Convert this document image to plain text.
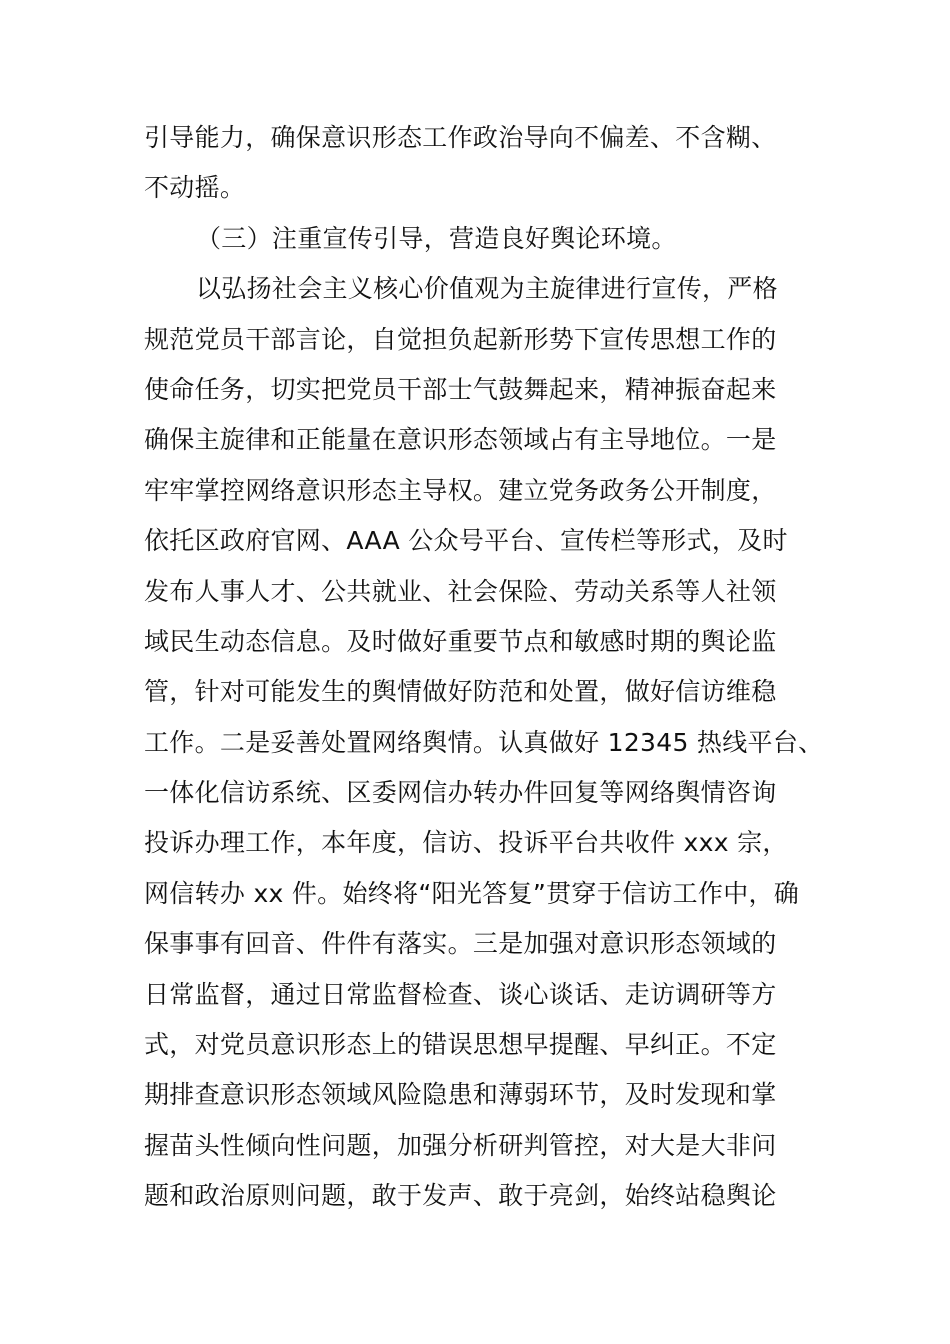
引导能力，确保意识形态工作政治导向不偏差、不含糊、
不动摇。
（三）注重宣传引导，营造良好舆论环境。
以弘扬社会主义核心价值观为主旋律进行宣传，严格
规范党员干部言论，自觉担负起新形势下宣传思想工作的
使命任务，切实把党员干部士气鼓舞起来，精神振奋起来
确保主旋律和正能量在意识形态领域占有主导地位。一是
牢牢掌控网络意识形态主导权。建立党务政务公开制度，
依托区政府官网、AAA 公众号平台、宣传栏等形式，及时
发布人事人才、公共就业、社会保险、劳动关系等人社领
域民生动态信息。及时做好重要节点和敏感时期的舆论监
管，针对可能发生的舆情做好防范和处置，做好信访维稳
工作。二是妥善处置网络舆情。认真做好 12345 热线平台、
一体化信访系统、区委网信办转办件回复等网络舆情咨询
投诉办理工作，本年度，信访、投诉平台共收件 xxx 宗，
网信转办 xx 件。始终将“阳光答复”贯穿于信访工作中，确
保事事有回音、件件有落实。三是加强对意识形态领域的
日常监督，通过日常监督检查、谈心谈话、走访调研等方
式，对党员意识形态上的错误思想早提醒、早纠正。不定
期排查意识形态领域风险隐患和薄弱环节，及时发现和掌
握苗头性倾向性问题，加强分析研判管控，对大是大非问
题和政治原则问题，敢于发声、敢于亮剑，始终站稳舆论
